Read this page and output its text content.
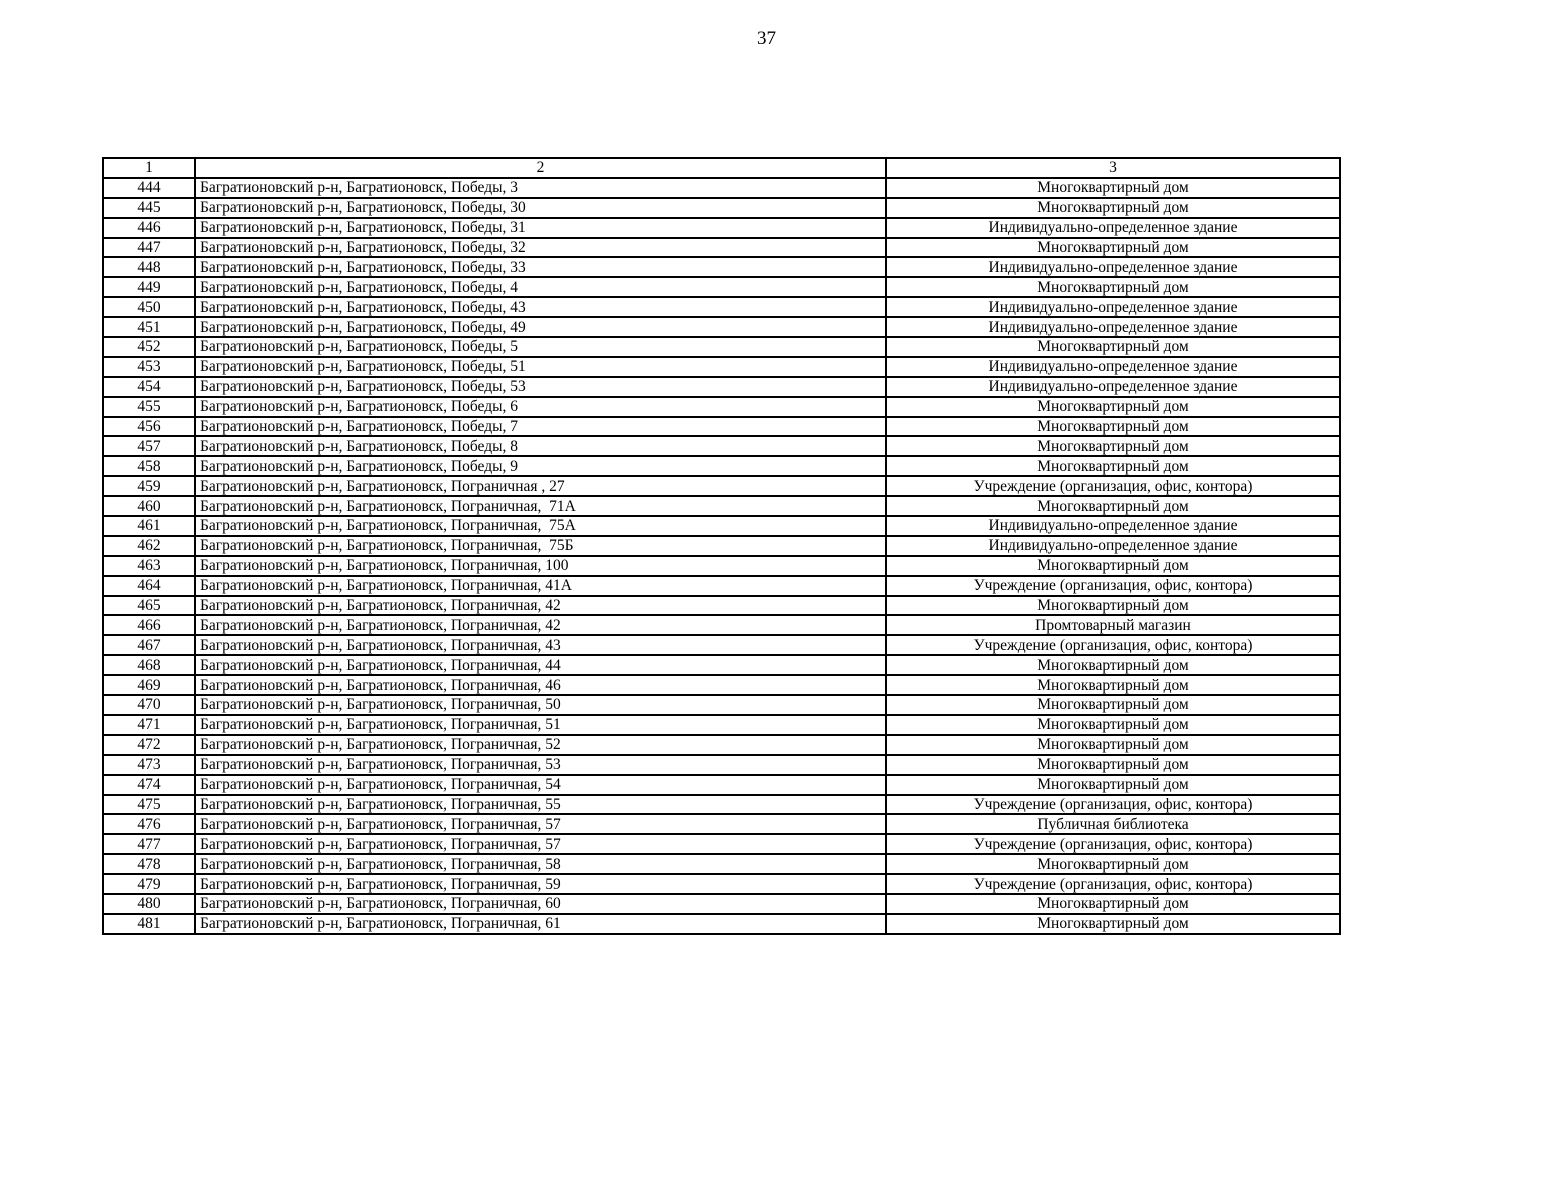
37
1	2	3
444	Багратионовский р-н, Багратионовск, Победы, 3	Многоквартирный дом
445	Багратионовский р-н, Багратионовск, Победы, 30	Многоквартирный дом
446	Багратионовский р-н, Багратионовск, Победы, 31	Индивидуально-определенное здание
447	Багратионовский р-н, Багратионовск, Победы, 32	Многоквартирный дом
448	Багратионовский р-н, Багратионовск, Победы, 33	Индивидуально-определенное здание
449	Багратионовский р-н, Багратионовск, Победы, 4	Многоквартирный дом
450	Багратионовский р-н, Багратионовск, Победы, 43	Индивидуально-определенное здание
451	Багратионовский р-н, Багратионовск, Победы, 49	Индивидуально-определенное здание
452	Багратионовский р-н, Багратионовск, Победы, 5	Многоквартирный дом
453	Багратионовский р-н, Багратионовск, Победы, 51	Индивидуально-определенное здание
454	Багратионовский р-н, Багратионовск, Победы, 53	Индивидуально-определенное здание
455	Багратионовский р-н, Багратионовск, Победы, 6	Многоквартирный дом
456	Багратионовский р-н, Багратионовск, Победы, 7	Многоквартирный дом
457	Багратионовский р-н, Багратионовск, Победы, 8	Многоквартирный дом
458	Багратионовский р-н, Багратионовск, Победы, 9	Многоквартирный дом
459	Багратионовский р-н, Багратионовск, Пограничная , 27	Учреждение (организация, офис, контора)
460	Багратионовский р-н, Багратионовск, Пограничная,  71А	Многоквартирный дом
461	Багратионовский р-н, Багратионовск, Пограничная,  75А	Индивидуально-определенное здание
462	Багратионовский р-н, Багратионовск, Пограничная,  75Б	Индивидуально-определенное здание
463	Багратионовский р-н, Багратионовск, Пограничная, 100	Многоквартирный дом
464	Багратионовский р-н, Багратионовск, Пограничная, 41А	Учреждение (организация, офис, контора)
465	Багратионовский р-н, Багратионовск, Пограничная, 42	Многоквартирный дом
466	Багратионовский р-н, Багратионовск, Пограничная, 42	Промтоварный магазин
467	Багратионовский р-н, Багратионовск, Пограничная, 43	Учреждение (организация, офис, контора)
468	Багратионовский р-н, Багратионовск, Пограничная, 44	Многоквартирный дом
469	Багратионовский р-н, Багратионовск, Пограничная, 46	Многоквартирный дом
470	Багратионовский р-н, Багратионовск, Пограничная, 50	Многоквартирный дом
471	Багратионовский р-н, Багратионовск, Пограничная, 51	Многоквартирный дом
472	Багратионовский р-н, Багратионовск, Пограничная, 52	Многоквартирный дом
473	Багратионовский р-н, Багратионовск, Пограничная, 53	Многоквартирный дом
474	Багратионовский р-н, Багратионовск, Пограничная, 54	Многоквартирный дом
475	Багратионовский р-н, Багратионовск, Пограничная, 55	Учреждение (организация, офис, контора)
476	Багратионовский р-н, Багратионовск, Пограничная, 57	Публичная библиотека
477	Багратионовский р-н, Багратионовск, Пограничная, 57	Учреждение (организация, офис, контора)
478	Багратионовский р-н, Багратионовск, Пограничная, 58	Многоквартирный дом
479	Багратионовский р-н, Багратионовск, Пограничная, 59	Учреждение (организация, офис, контора)
480	Багратионовский р-н, Багратионовск, Пограничная, 60	Многоквартирный дом
481	Багратионовский р-н, Багратионовск, Пограничная, 61	Многоквартирный дом
